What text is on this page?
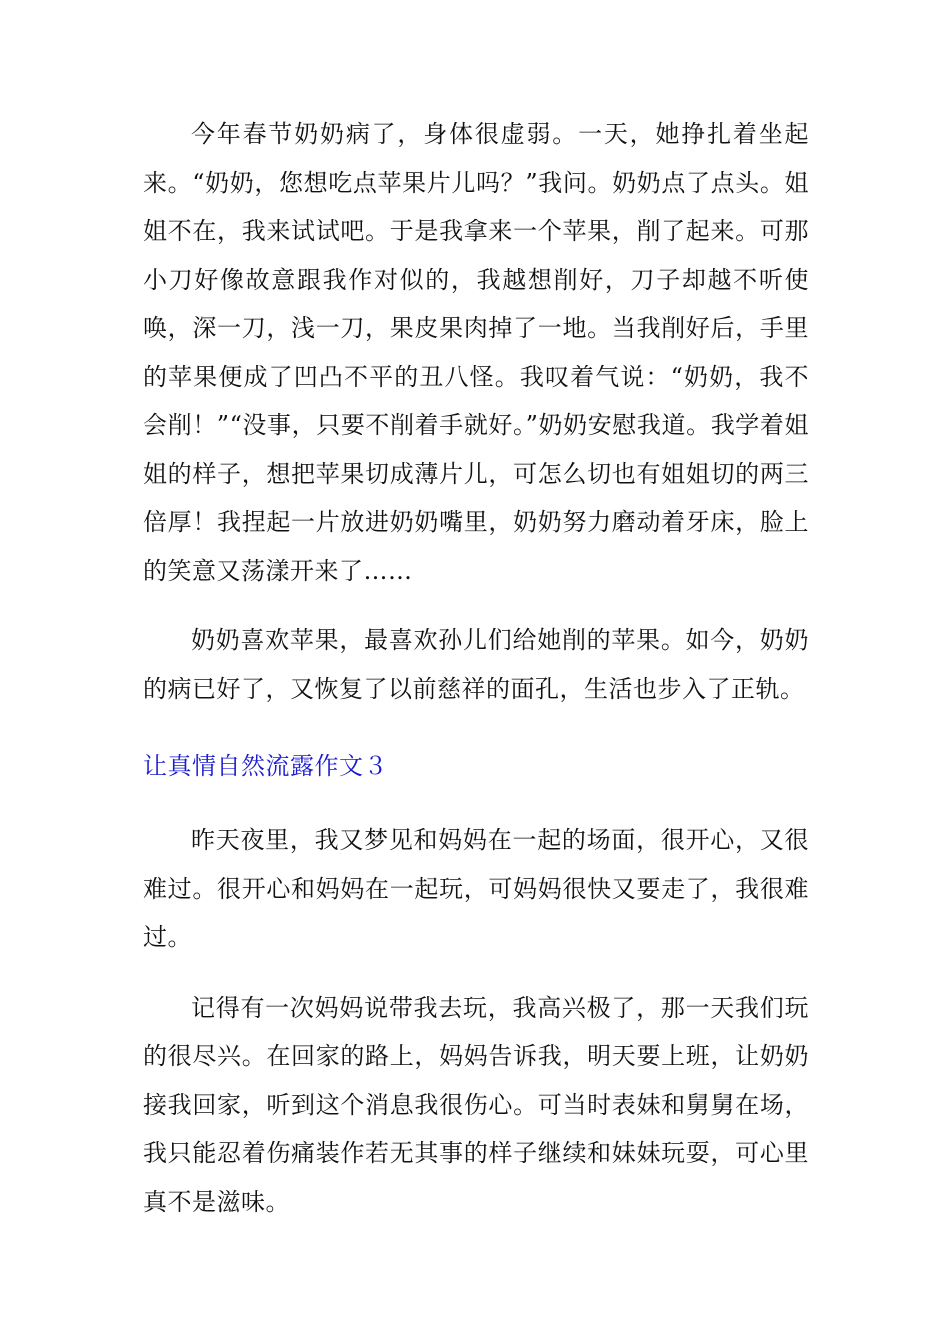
今年春节奶奶病了，身体很虚弱。一天，她挣扎着坐起来。“奶奶，您想吃点苹果片儿吗？”我问。奶奶点了点头。姐姐不在，我来试试吧。于是我拿来一个苹果，削了起来。可那小刀好像故意跟我作对似的，我越想削好，刀子却越不听使唤，深一刀，浅一刀，果皮果肉掉了一地。当我削好后，手里的苹果便成了凹凸不平的丑八怪。我叹着气说：“奶奶，我不会削！”“没事，只要不削着手就好。”奶奶安慰我道。我学着姐姐的样子，想把苹果切成薄片儿，可怎么切也有姐姐切的两三倍厚！我捏起一片放进奶奶嘴里，奶奶努力磨动着牙床，脸上的笑意又荡漾开来了……

奶奶喜欢苹果，最喜欢孙儿们给她削的苹果。如今，奶奶的病已好了，又恢复了以前慈祥的面孔，生活也步入了正轨。

让真情自然流露作文３

昨天夜里，我又梦见和妈妈在一起的场面，很开心，又很难过。很开心和妈妈在一起玩，可妈妈很快又要走了，我很难过。

记得有一次妈妈说带我去玩，我高兴极了，那一天我们玩的很尽兴。在回家的路上，妈妈告诉我，明天要上班，让奶奶接我回家，听到这个消息我很伤心。可当时表妹和舅舅在场，我只能忍着伤痛装作若无其事的样子继续和妹妹玩耍，可心里真不是滋味。
